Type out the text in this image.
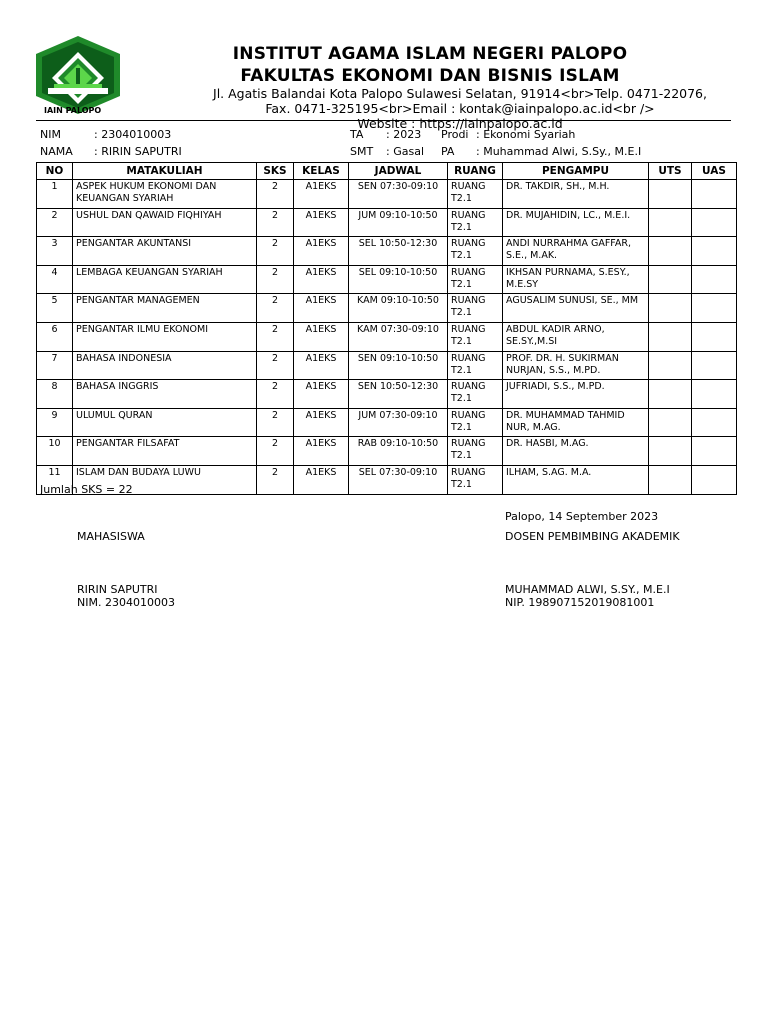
IAIN PALOPO
INSTITUT AGAMA ISLAM NEGERI PALOPO
FAKULTAS EKONOMI DAN BISNIS ISLAM
Jl. Agatis Balandai Kota Palopo Sulawesi Selatan, 91914<br>Telp. 0471-22076,
Fax. 0471-325195<br>Email : kontak@iainpalopo.ac.id<br />
Website : https://iainpalopo.ac.id
NIM	: 2304010003
NAMA : RIRIN SAPUTRI
TA : 2023 Prodi : Ekonomi Syariah
SMT : Gasal PA : Muhammad Alwi, S.Sy., M.E.I
NO	MATAKULIAH	SKS	KELAS	JADWAL	RUANG	PENGAMPU	UTS	UAS
1	ASPEK HUKUM EKONOMI DAN KEUANGAN SYARIAH	2	A1EKS	SEN 07:30-09:10	RUANG T2.1	DR. TAKDIR, SH., M.H.		
2	USHUL DAN QAWAID FIQHIYAH	2	A1EKS	JUM 09:10-10:50	RUANG T2.1	DR. MUJAHIDIN, LC., M.E.I.		
3	PENGANTAR AKUNTANSI	2	A1EKS	SEL 10:50-12:30	RUANG T2.1	ANDI NURRAHMA GAFFAR, S.E., M.AK.		
4	LEMBAGA KEUANGAN SYARIAH	2	A1EKS	SEL 09:10-10:50	RUANG T2.1	IKHSAN PURNAMA, S.ESY., M.E.SY		
5	PENGANTAR MANAGEMEN	2	A1EKS	KAM 09:10-10:50	RUANG T2.1	AGUSALIM SUNUSI, SE., MM		
6	PENGANTAR ILMU EKONOMI	2	A1EKS	KAM 07:30-09:10	RUANG T2.1	ABDUL KADIR ARNO, SE.SY.,M.SI		
7	BAHASA INDONESIA	2	A1EKS	SEN 09:10-10:50	RUANG T2.1	PROF. DR. H. SUKIRMAN NURJAN, S.S., M.PD.		
8	BAHASA INGGRIS	2	A1EKS	SEN 10:50-12:30	RUANG T2.1	JUFRIADI, S.S., M.PD.		
9	ULUMUL QURAN	2	A1EKS	JUM 07:30-09:10	RUANG T2.1	DR. MUHAMMAD TAHMID NUR, M.AG.		
10	PENGANTAR FILSAFAT	2	A1EKS	RAB 09:10-10:50	RUANG T2.1	DR. HASBI, M.AG.		
11	ISLAM DAN BUDAYA LUWU	2	A1EKS	SEL 07:30-09:10	RUANG T2.1	ILHAM, S.AG. M.A.		
Jumlah SKS = 22
Palopo, 14 September 2023
MAHASISWA	DOSEN PEMBIMBING AKADEMIK
RIRIN SAPUTRI
NIM. 2304010003
MUHAMMAD ALWI, S.SY., M.E.I
NIP. 198907152019081001
